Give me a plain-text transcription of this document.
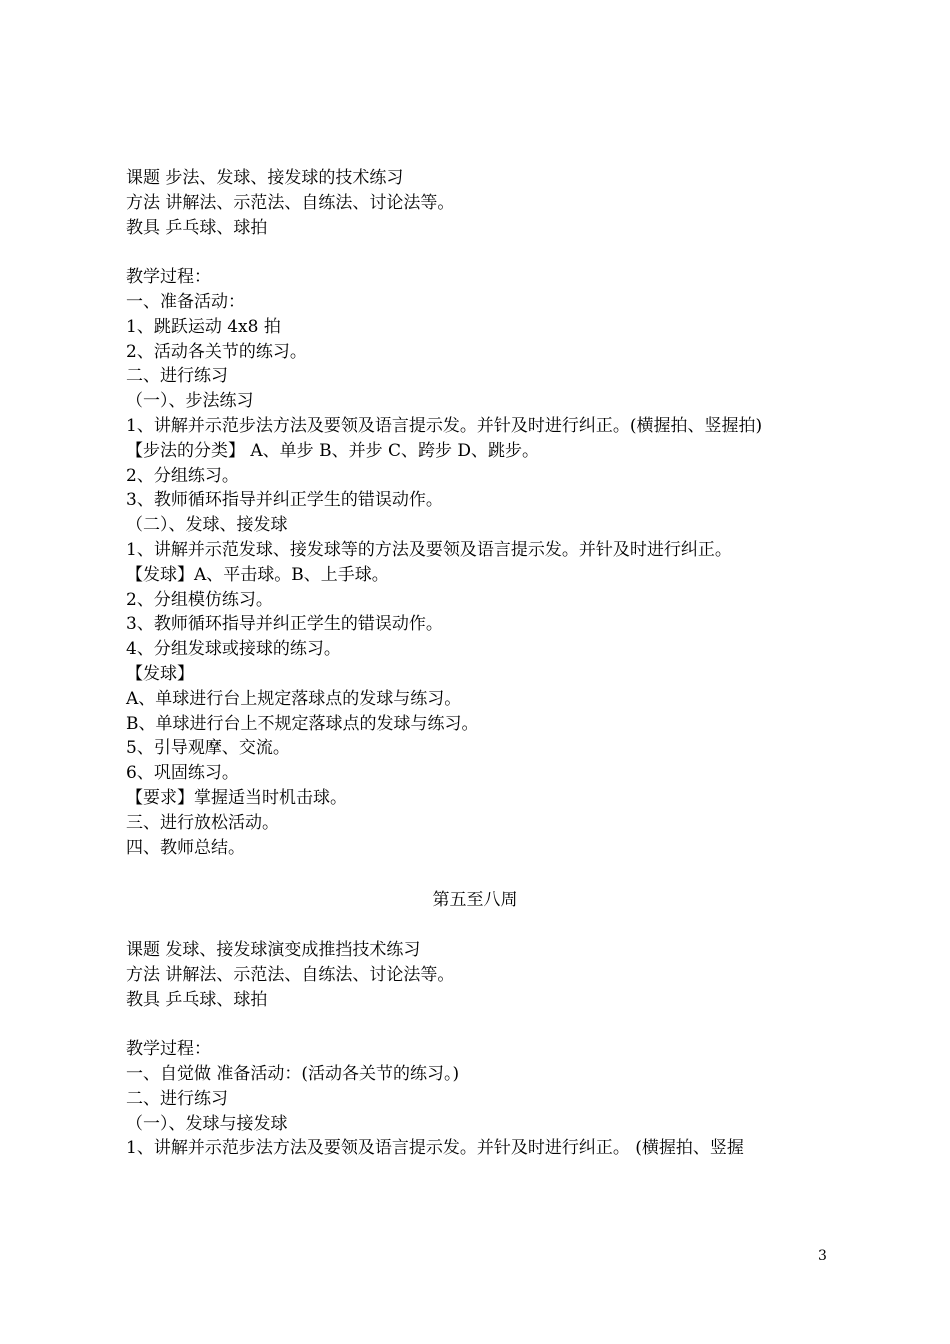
课题 步法、发球、接发球的技术练习
方法 讲解法、示范法、自练法、讨论法等。
教具 乒乓球、球拍
教学过程：
一、准备活动：
1、跳跃运动 4x8 拍
2、活动各关节的练习。
二、进行练习
（一）、步法练习
1、讲解并示范步法方法及要领及语言提示发。并针及时进行纠正。(横握拍、竖握拍)
【步法的分类】 A、单步 B、并步 C、跨步 D、跳步。
2、分组练习。
3、教师循环指导并纠正学生的错误动作。
（二）、发球、接发球
1、讲解并示范发球、接发球等的方法及要领及语言提示发。并针及时进行纠正。
【发球】A、平击球。B、上手球。
2、分组模仿练习。
3、教师循环指导并纠正学生的错误动作。
4、分组发球或接球的练习。
【发球】
A、单球进行台上规定落球点的发球与练习。
B、单球进行台上不规定落球点的发球与练习。
5、引导观摩、交流。
6、巩固练习。
【要求】掌握适当时机击球。
三、进行放松活动。
四、教师总结。
第五至八周
课题 发球、接发球演变成推挡技术练习
方法 讲解法、示范法、自练法、讨论法等。
教具 乒乓球、球拍
教学过程：
一、自觉做 准备活动：(活动各关节的练习。)
二、进行练习
（一）、发球与接发球
1、讲解并示范步法方法及要领及语言提示发。并针及时进行纠正。 (横握拍、竖握
3
